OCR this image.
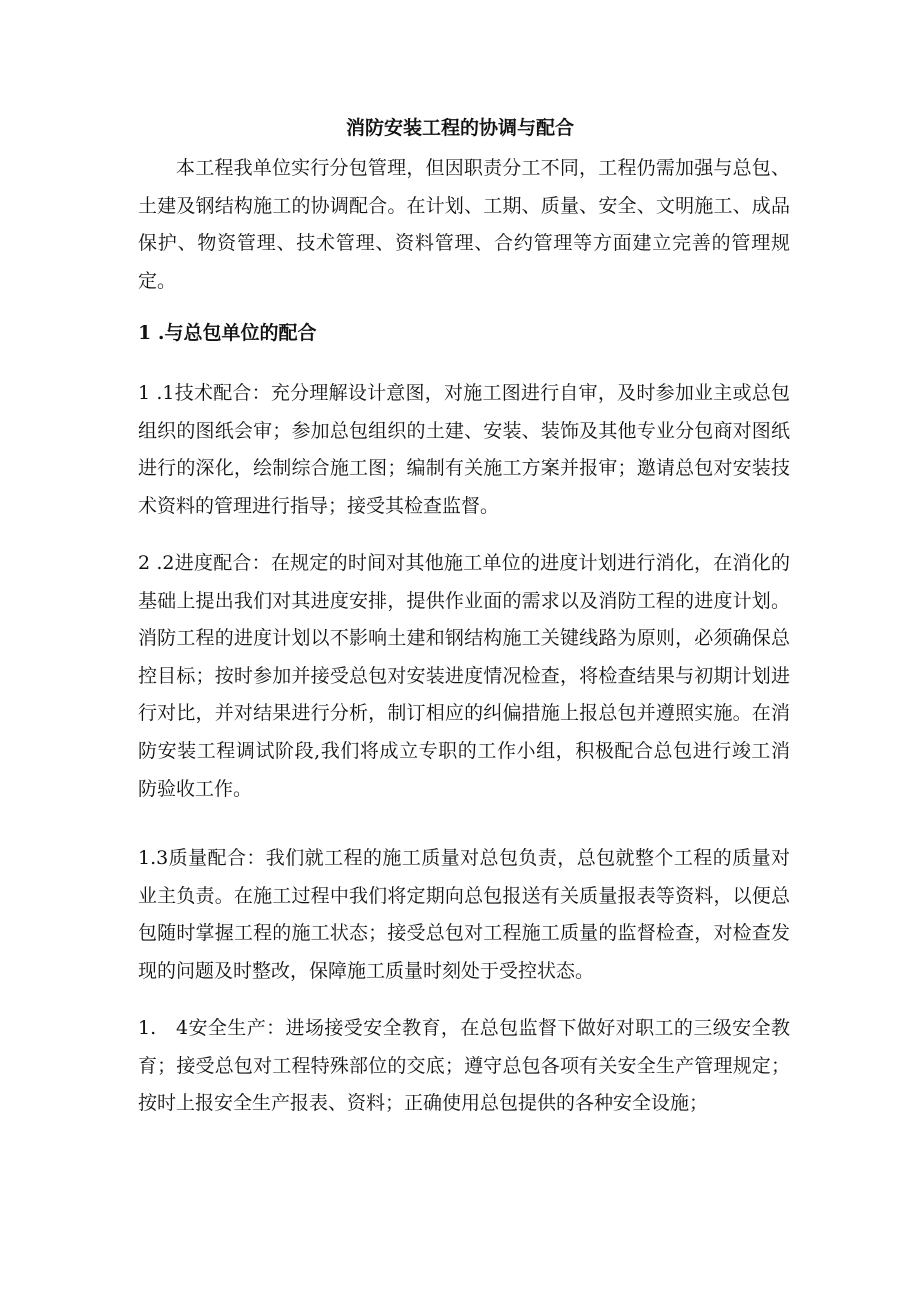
消防安装工程的协调与配合

本工程我单位实行分包管理，但因职责分工不同，工程仍需加强与总包、土建及钢结构施工的协调配合。在计划、工期、质量、安全、文明施工、成品保护、物资管理、技术管理、资料管理、合约管理等方面建立完善的管理规定。

1 .与总包单位的配合

1 .1技术配合：充分理解设计意图，对施工图进行自审，及时参加业主或总包组织的图纸会审；参加总包组织的土建、安装、装饰及其他专业分包商对图纸进行的深化，绘制综合施工图；编制有关施工方案并报审；邀请总包对安装技术资料的管理进行指导；接受其检查监督。

2 .2进度配合：在规定的时间对其他施工单位的进度计划进行消化，在消化的基础上提出我们对其进度安排，提供作业面的需求以及消防工程的进度计划。消防工程的进度计划以不影响土建和钢结构施工关键线路为原则，必须确保总控目标；按时参加并接受总包对安装进度情况检查，将检查结果与初期计划进行对比，并对结果进行分析，制订相应的纠偏措施上报总包并遵照实施。在消防安装工程调试阶段,我们将成立专职的工作小组，积极配合总包进行竣工消防验收工作。

1.3质量配合：我们就工程的施工质量对总包负责，总包就整个工程的质量对业主负责。在施工过程中我们将定期向总包报送有关质量报表等资料，以便总包随时掌握工程的施工状态；接受总包对工程施工质量的监督检查，对检查发现的问题及时整改，保障施工质量时刻处于受控状态。

1.　4安全生产：进场接受安全教育，在总包监督下做好对职工的三级安全教育；接受总包对工程特殊部位的交底；遵守总包各项有关安全生产管理规定；按时上报安全生产报表、资料；正确使用总包提供的各种安全设施；
